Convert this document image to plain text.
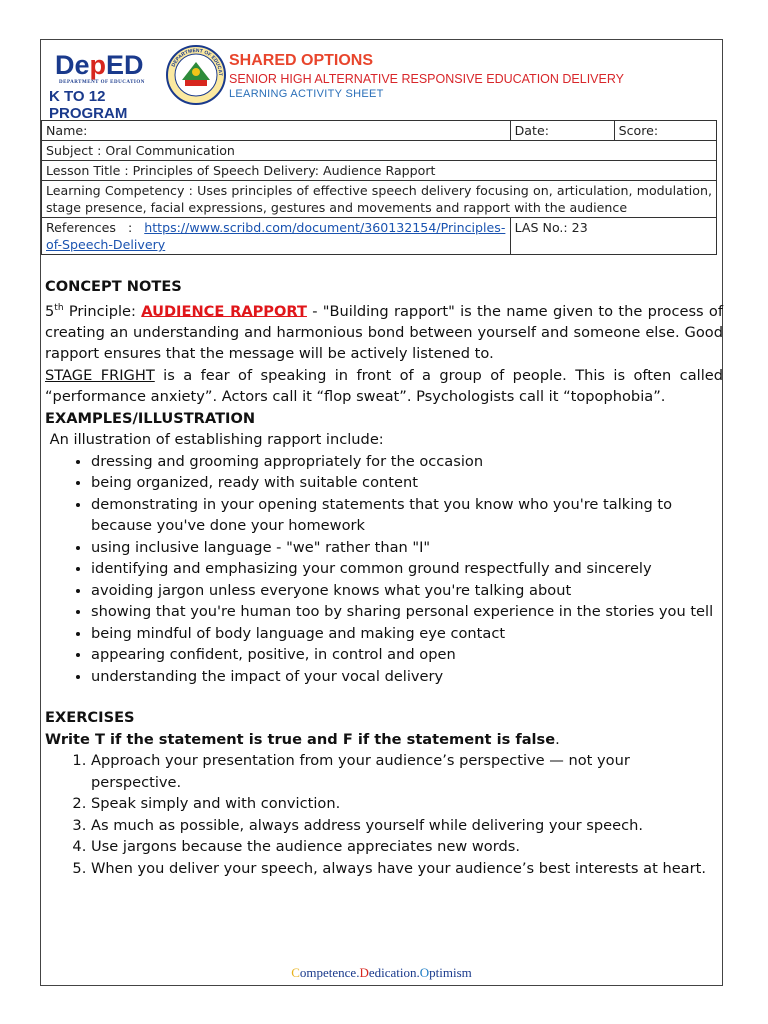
DepED
DEPARTMENT OF EDUCATION
K TO 12 PROGRAM
DEPARTMENT OF EDUCAT
SHARED OPTIONS
SENIOR HIGH ALTERNATIVE RESPONSIVE EDUCATION DELIVERY
LEARNING ACTIVITY SHEET
Name:	Date:	Score:
Subject : Oral Communication		
Lesson Title : Principles of Speech Delivery: Audience Rapport		
Learning Competency : Uses principles of effective speech delivery focusing on, articulation, modulation, stage presence, facial expressions, gestures and movements and rapport with the audience		
References   :   https://www.scribd.com/document/360132154/Principles-of-Speech-Delivery	LAS No.: 23	
CONCEPT NOTES

5th Principle: AUDIENCE RAPPORT - "Building rapport" is the name given to the process of creating an understanding and harmonious bond between yourself and someone else. Good rapport ensures that the message will be actively listened to.

STAGE FRIGHT is a fear of speaking in front of a group of people. This is often called “performance anxiety”. Actors call it “flop sweat”. Psychologists call it “topophobia”.

EXAMPLES/ILLUSTRATION
An illustration of establishing rapport include:
• dressing and grooming appropriately for the occasion
• being organized, ready with suitable content
• demonstrating in your opening statements that you know who you're talking to because you've done your homework
• using inclusive language - "we" rather than "I"
• identifying and emphasizing your common ground respectfully and sincerely
• avoiding jargon unless everyone knows what you're talking about
• showing that you're human too by sharing personal experience in the stories you tell
• being mindful of body language and making eye contact
• appearing confident, positive, in control and open
• understanding the impact of your vocal delivery
EXERCISES
Write T if the statement is true and F if the statement is false.
1. Approach your presentation from your audience’s perspective — not your perspective.
2. Speak simply and with conviction.
3. As much as possible, always address yourself while delivering your speech.
4. Use jargons because the audience appreciates new words.
5. When you deliver your speech, always have your audience’s best interests at heart.
Competence.Dedication.Optimism
